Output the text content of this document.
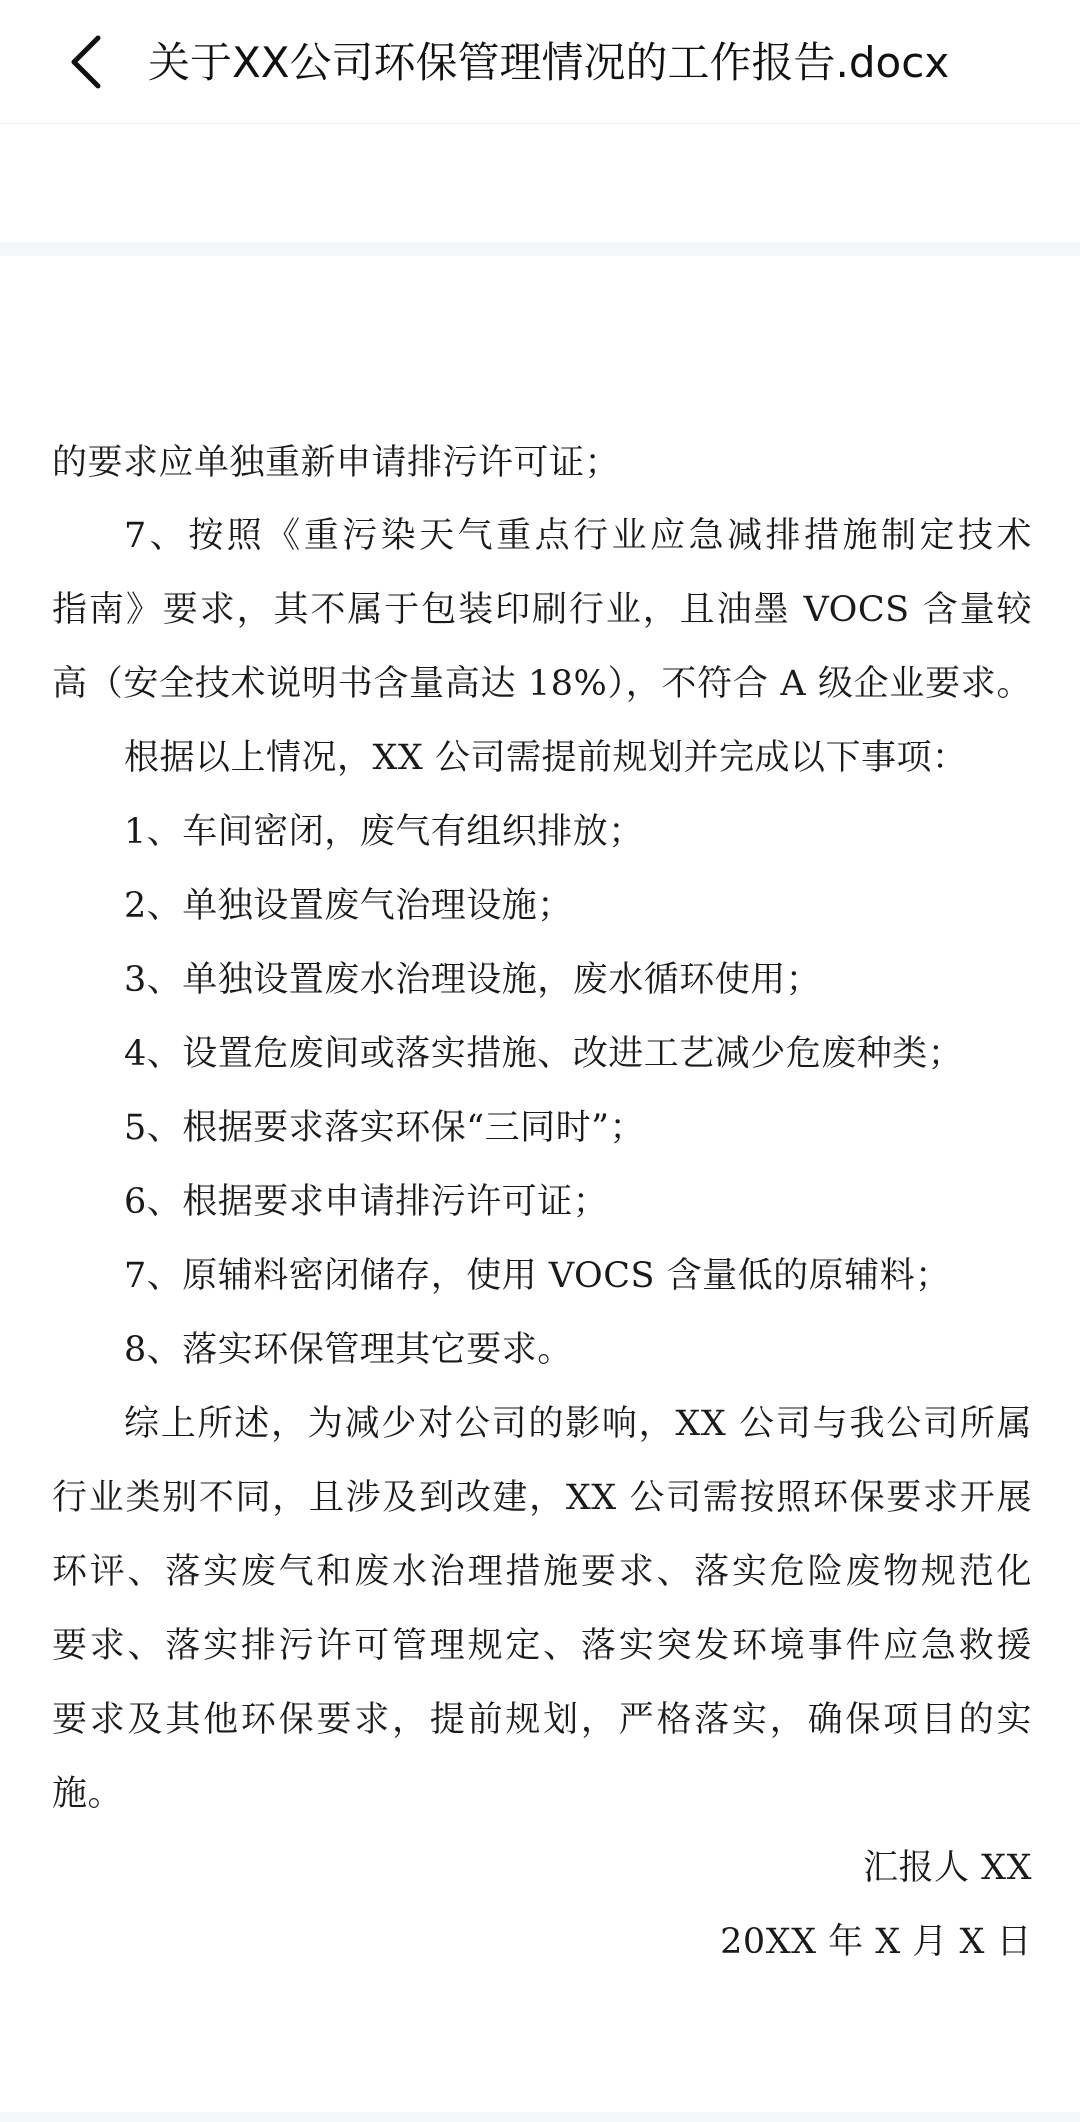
关于XX公司环保管理情况的工作报告.docx
的要求应单独重新申请排污许可证；
7、按照《重污染天气重点行业应急减排措施制定技术
指南》要求，其不属于包装印刷行业，且油墨 VOCS 含量较
高（安全技术说明书含量高达 18%），不符合 A 级企业要求。
根据以上情况，XX 公司需提前规划并完成以下事项：
1、车间密闭，废气有组织排放；
2、单独设置废气治理设施；
3、单独设置废水治理设施，废水循环使用；
4、设置危废间或落实措施、改进工艺减少危废种类；
5、根据要求落实环保“三同时”；
6、根据要求申请排污许可证；
7、原辅料密闭储存，使用 VOCS 含量低的原辅料；
8、落实环保管理其它要求。
综上所述，为减少对公司的影响，XX 公司与我公司所属
行业类别不同，且涉及到改建，XX 公司需按照环保要求开展
环评、落实废气和废水治理措施要求、落实危险废物规范化
要求、落实排污许可管理规定、落实突发环境事件应急救援
要求及其他环保要求，提前规划，严格落实，确保项目的实
施。
汇报人 XX
20XX 年 X 月 X 日
